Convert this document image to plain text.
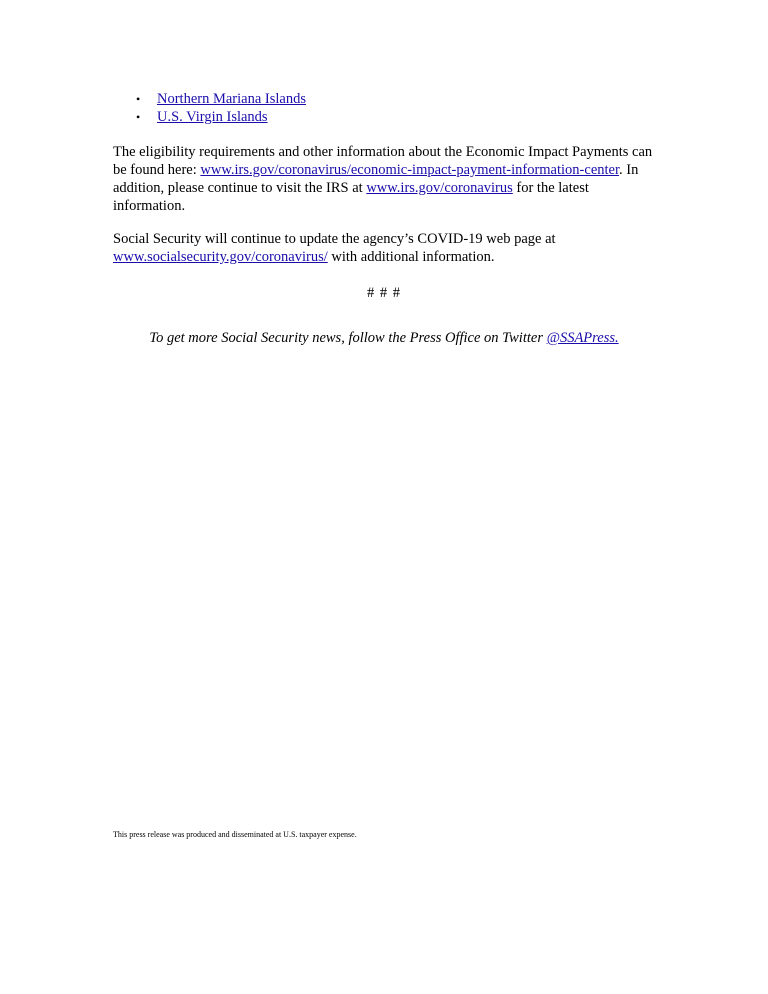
• Northern Mariana Islands
• U.S. Virgin Islands

The eligibility requirements and other information about the Economic Impact Payments can be found here: www.irs.gov/coronavirus/economic-impact-payment-information-center. In addition, please continue to visit the IRS at www.irs.gov/coronavirus for the latest information.

Social Security will continue to update the agency’s COVID-19 web page at www.socialsecurity.gov/coronavirus/ with additional information.

# # #
To get more Social Security news, follow the Press Office on Twitter @SSAPress.

This press release was produced and disseminated at U.S. taxpayer expense.
